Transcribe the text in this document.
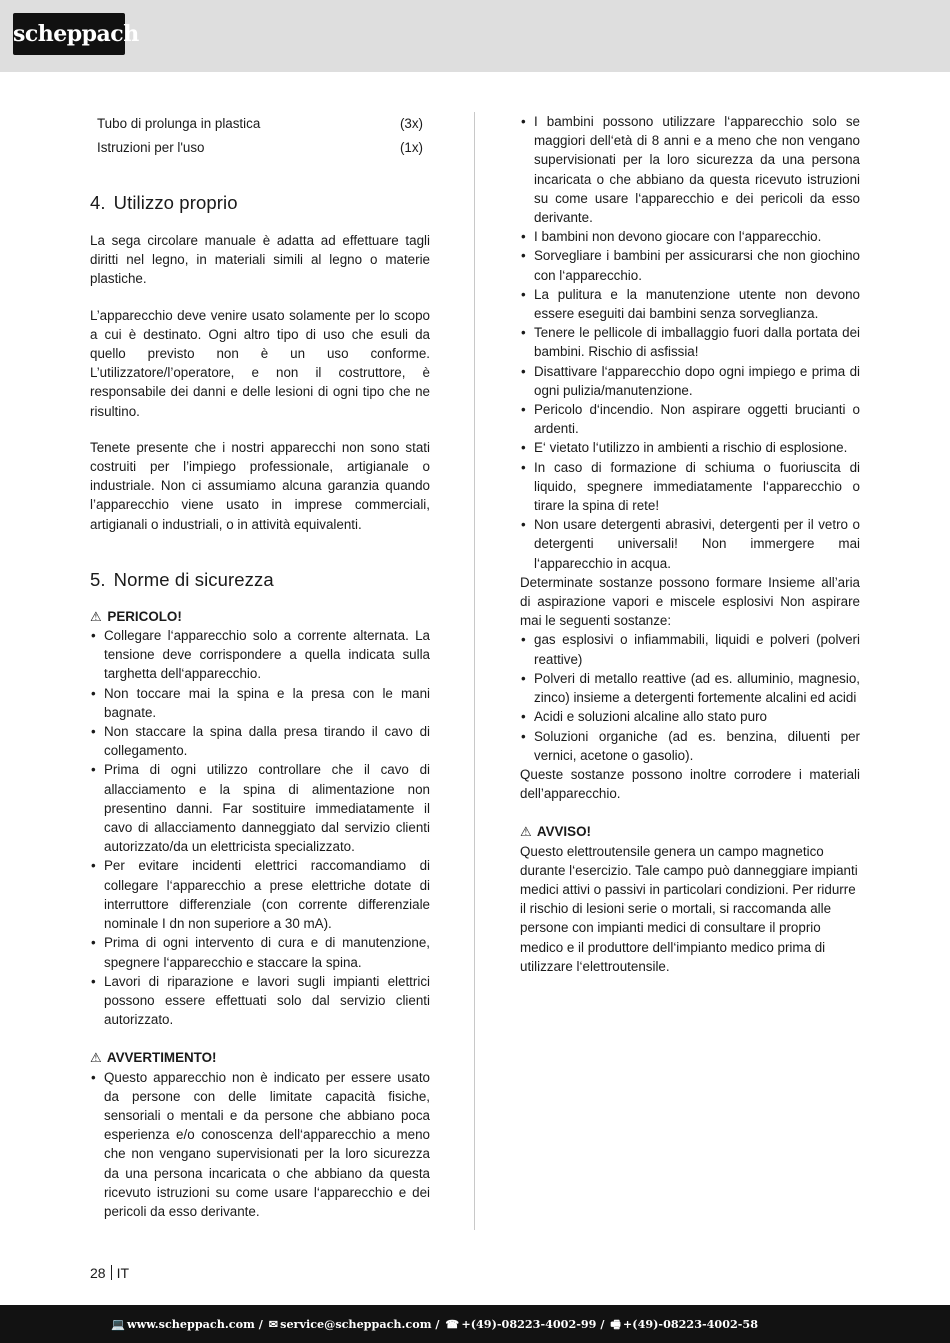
scheppach
Tubo di prolunga in plastica	(3x)
Istruzioni per l'uso	(1x)
4. Utilizzo proprio

La sega circolare manuale è adatta ad effettuare tagli diritti nel legno, in materiali simili al legno o materie plastiche.

L’apparecchio deve venire usato solamente per lo scopo a cui è destinato. Ogni altro tipo di uso che esuli da quello previsto non è un uso conforme. L’utilizzatore/l’operatore, e non il costruttore, è responsabile dei danni e delle lesioni di ogni tipo che ne risultino.

Tenete presente che i nostri apparecchi non sono stati costruiti per l’impiego professionale, artigianale o industriale. Non ci assumiamo alcuna garanzia quando l’apparecchio viene usato in imprese commerciali, artigianali o industriali, o in attività equivalenti.

5. Norme di sicurezza

⚠ PERICOLO!

• Collegare l‘apparecchio solo a corrente alternata. La tensione deve corrispondere a quella indicata sulla targhetta dell‘apparecchio.
• Non toccare mai la spina e la presa con le mani bagnate.
• Non staccare la spina dalla presa tirando il cavo di collegamento.
• Prima di ogni utilizzo controllare che il cavo di allacciamento e la spina di alimentazione non presentino danni. Far sostituire immediatamente il cavo di allacciamento danneggiato dal servizio clienti autorizzato/da un elettricista specializzato.
• Per evitare incidenti elettrici raccomandiamo di collegare l‘apparecchio a prese elettriche dotate di interruttore differenziale (con corrente differenziale nominale I dn non superiore a 30 mA).
• Prima di ogni intervento di cura e di manutenzione, spegnere l‘apparecchio e staccare la spina.
• Lavori di riparazione e lavori sugli impianti elettrici possono essere effettuati solo dal servizio clienti autorizzato.

⚠ AVVERTIMENTO!

• Questo apparecchio non è indicato per essere usato da persone con delle limitate capacità fisiche, sensoriali o mentali e da persone che abbiano poca esperienza e/o conoscenza dell‘apparecchio a meno che non vengano supervisionati per la loro sicurezza da una persona incaricata o che abbiano da questa ricevuto istruzioni su come usare l‘apparecchio e dei pericoli da esso derivante.
• I bambini possono utilizzare l‘apparecchio solo se maggiori dell‘età di 8 anni e a meno che non vengano supervisionati per la loro sicurezza da una persona incaricata o che abbiano da questa ricevuto istruzioni su come usare l‘apparecchio e dei pericoli da esso derivante.
• I bambini non devono giocare con l‘apparecchio.
• Sorvegliare i bambini per assicurarsi che non giochino con l‘apparecchio.
• La pulitura e la manutenzione utente non devono essere eseguiti dai bambini senza sorveglianza.
• Tenere le pellicole di imballaggio fuori dalla portata dei bambini. Rischio di asfissia!
• Disattivare l‘apparecchio dopo ogni impiego e prima di ogni pulizia/manutenzione.
• Pericolo d‘incendio. Non aspirare oggetti brucianti o ardenti.
• E‘ vietato l‘utilizzo in ambienti a rischio di esplosione.
• In caso di formazione di schiuma o fuoriuscita di liquido, spegnere immediatamente l‘apparecchio o tirare la spina di rete!
• Non usare detergenti abrasivi, detergenti per il vetro o detergenti universali! Non immergere mai l‘apparecchio in acqua.

Determinate sostanze possono formare Insieme all’aria di aspirazione vapori e miscele esplosivi Non aspirare mai le seguenti sostanze:

• gas esplosivi o infiammabili, liquidi e polveri (polveri reattive)
• Polveri di metallo reattive (ad es. alluminio, magnesio, zinco) insieme a detergenti fortemente alcalini ed acidi
• Acidi e soluzioni alcaline allo stato puro
• Soluzioni organiche (ad es. benzina, diluenti per vernici, acetone o gasolio).

Queste sostanze possono inoltre corrodere i materiali dell’apparecchio.

⚠ AVVISO!

Questo elettroutensile genera un campo magnetico durante l‘esercizio. Tale campo può danneggiare impianti medici attivi o passivi in particolari condizioni. Per ridurre il rischio di lesioni serie o mortali, si raccomanda alle persone con impianti medici di consultare il proprio medico e il produttore dell‘impianto medico prima di utilizzare l‘elettroutensile.

28 IT
💻 www.scheppach.com / ✉ service@scheppach.com / ☎ +(49)-08223-4002-99 / 🖷 +(49)-08223-4002-58
